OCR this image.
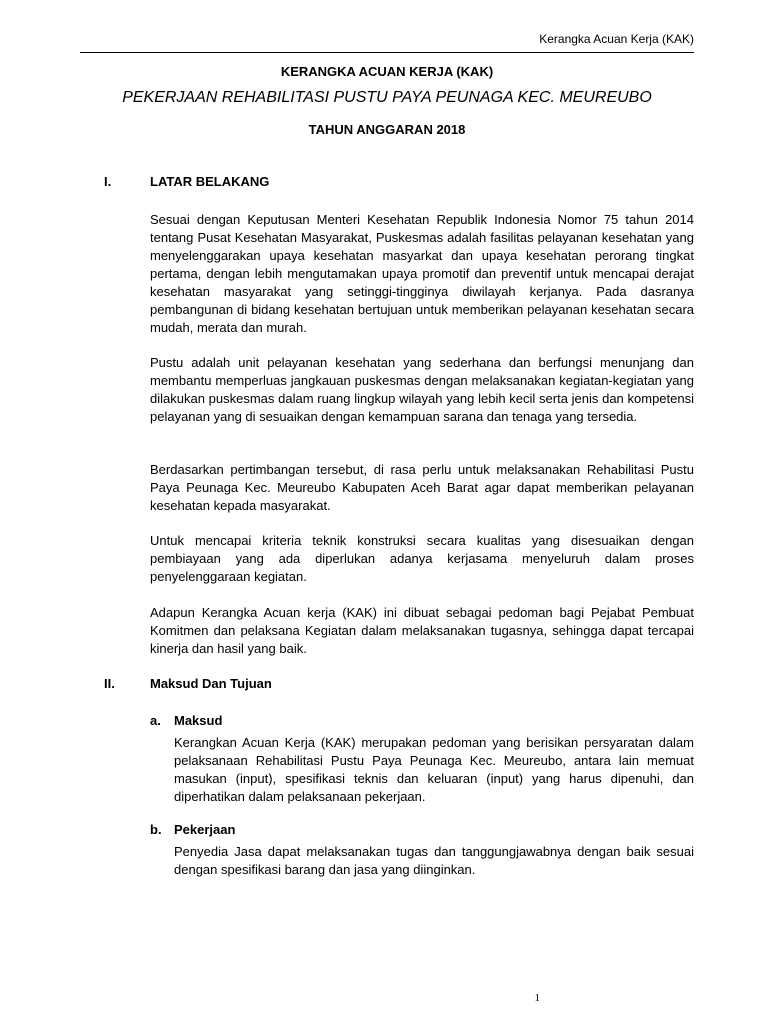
Kerangka Acuan Kerja (KAK)

KERANGKA ACUAN KERJA (KAK)

PEKERJAAN REHABILITASI PUSTU PAYA PEUNAGA KEC. MEUREUBO

TAHUN ANGGARAN 2018

I.	LATAR BELAKANG

Sesuai dengan Keputusan Menteri Kesehatan Republik Indonesia Nomor 75 tahun 2014 tentang Pusat Kesehatan Masyarakat, Puskesmas adalah fasilitas pelayanan kesehatan yang menyelenggarakan upaya kesehatan masyarkat dan upaya kesehatan perorang tingkat pertama, dengan lebih mengutamakan upaya promotif dan preventif untuk mencapai derajat kesehatan masyarakat yang setinggi-tingginya diwilayah kerjanya. Pada dasranya pembangunan di bidang kesehatan bertujuan untuk memberikan pelayanan kesehatan secara mudah, merata dan murah.

Pustu adalah unit pelayanan kesehatan yang sederhana dan berfungsi menunjang dan membantu memperluas jangkauan puskesmas dengan melaksanakan kegiatan-kegiatan yang dilakukan puskesmas dalam ruang lingkup wilayah yang lebih kecil serta jenis dan kompetensi pelayanan yang di sesuaikan dengan kemampuan sarana dan tenaga yang tersedia.

Berdasarkan pertimbangan tersebut, di rasa perlu untuk melaksanakan Rehabilitasi Pustu Paya Peunaga Kec. Meureubo Kabupaten Aceh Barat agar dapat memberikan pelayanan kesehatan kepada masyarakat.

Untuk mencapai kriteria teknik konstruksi secara kualitas yang disesuaikan dengan pembiayaan yang ada diperlukan adanya kerjasama menyeluruh dalam proses penyelenggaraan kegiatan.

Adapun Kerangka Acuan kerja (KAK) ini dibuat sebagai pedoman bagi Pejabat Pembuat Komitmen dan pelaksana Kegiatan dalam melaksanakan tugasnya, sehingga dapat tercapai kinerja dan hasil yang baik.

II.	Maksud Dan Tujuan
a. Maksud

Kerangkan Acuan Kerja (KAK) merupakan pedoman yang berisikan persyaratan dalam pelaksanaan Rehabilitasi Pustu Paya Peunaga Kec. Meureubo, antara lain memuat masukan (input), spesifikasi teknis dan keluaran (input) yang harus dipenuhi, dan diperhatikan dalam pelaksanaan pekerjaan.

b. Pekerjaan

Penyedia Jasa dapat melaksanakan tugas dan tanggungjawabnya dengan baik sesuai dengan spesifikasi barang dan jasa yang diinginkan.

1
